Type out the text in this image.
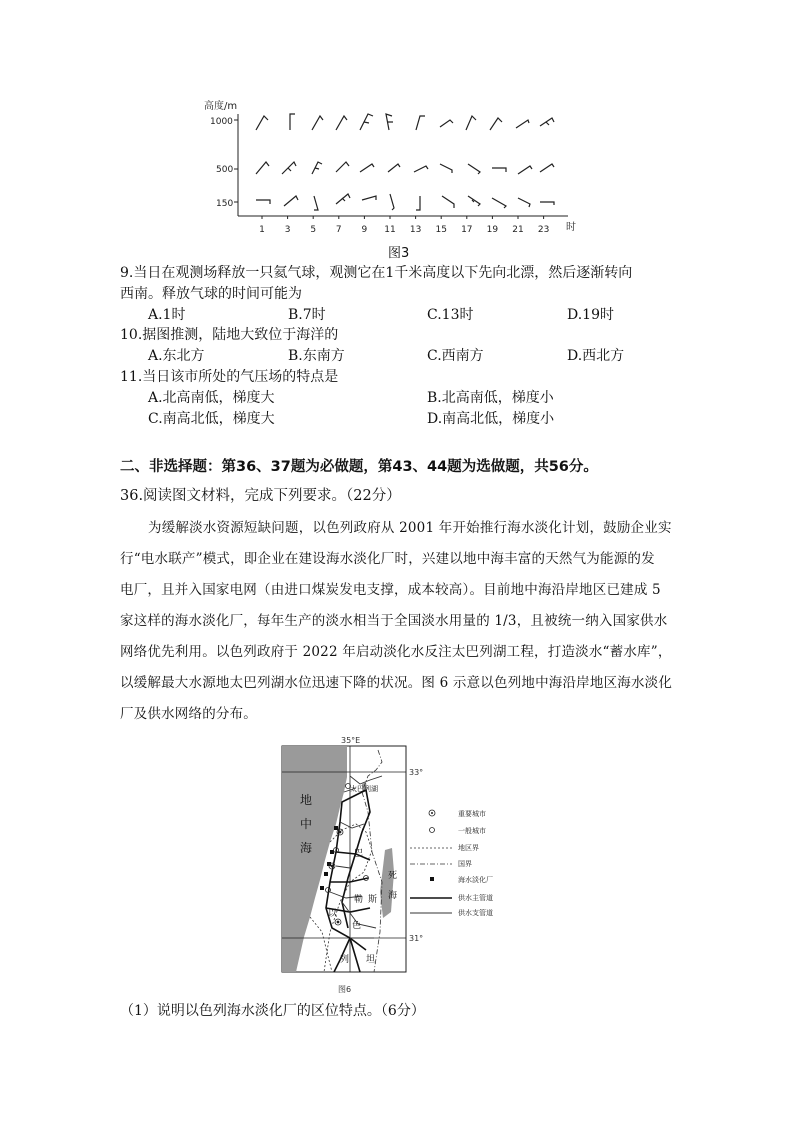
高度/m
1000
500
150
1 3 5 7 9 11 13 15 17 19 21 23 时
图3
9.当日在观测场释放一只氦气球，观测它在1千米高度以下先向北漂，然后逐渐转向
西南。释放气球的时间可能为
A.1时	B.7时	C.13时	D.19时
10.据图推测，陆地大致位于海洋的
A.东北方	B.东南方	C.西南方	D.西北方
11.当日该市所处的气压场的特点是
A.北高南低，梯度大	B.北高南低，梯度小
C.南高北低，梯度大	D.南高北低，梯度小
二、非选择题：第36、37题为必做题，第43、44题为选做题，共56分。
36.阅读图文材料，完成下列要求。（22分）
为缓解淡水资源短缺问题，以色列政府从 2001 年开始推行海水淡化计划，鼓励企业实
行“电水联产”模式，即企业在建设海水淡化厂时，兴建以地中海丰富的天然气为能源的发
电厂，且并入国家电网（由进口煤炭发电支撑，成本较高）。目前地中海沿岸地区已建成 5
家这样的海水淡化厂，每年生产的淡水相当于全国淡水用量的 1/3，且被统一纳入国家供水
网络优先利用。以色列政府于 2022 年启动淡化水反注太巴列湖工程，打造淡水“蓄水库”，
以缓解最大水源地太巴列湖水位迅速下降的状况。图 6 示意以色列地中海沿岸地区海水淡化
厂及供水网络的分布。
35°E
33°
31°
地
中
海
太巴列湖
巴
勒 斯
坦
以
色
列
死
海
重要城市
一般城市
地区界
国界
海水淡化厂
供水主管道
供水支管道
图6
（1）说明以色列海水淡化厂的区位特点。（6分）
